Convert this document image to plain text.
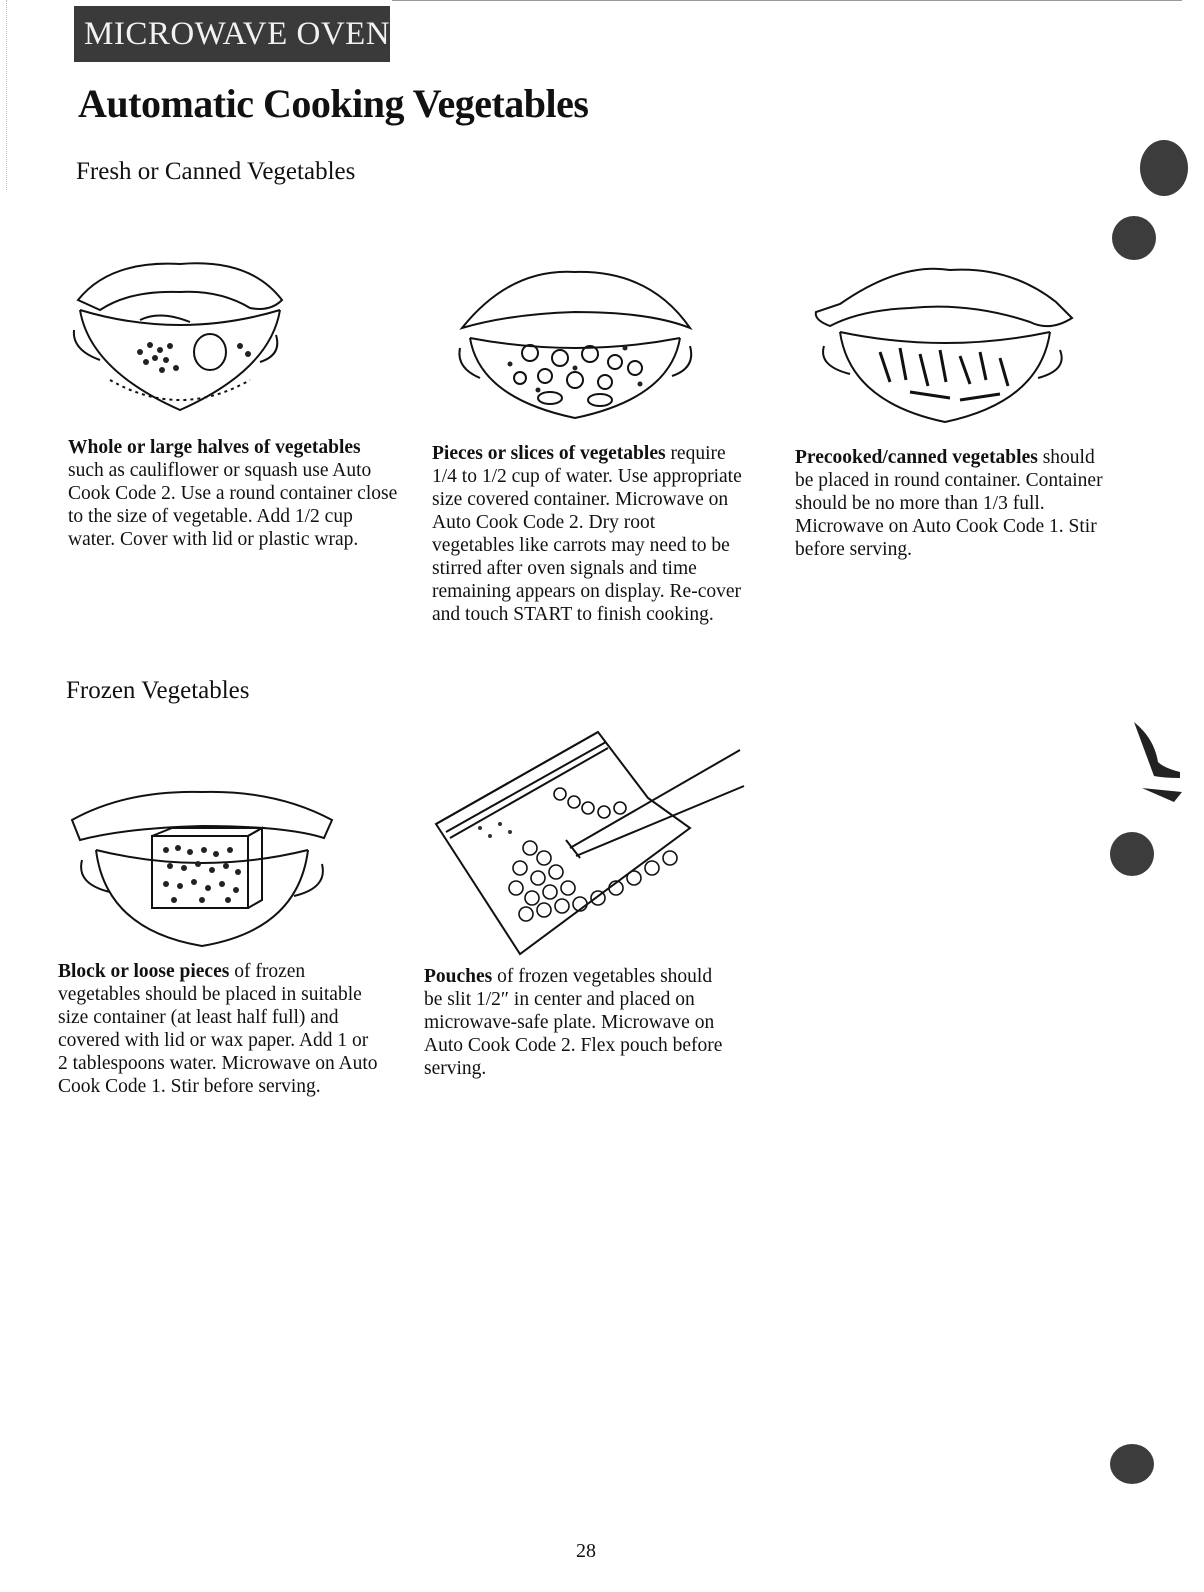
MICROWAVE OVEN
Automatic Cooking Vegetables
Fresh or Canned Vegetables
Whole or large halves of vegetables such as cauliflower or squash use Auto Cook Code 2. Use a round container close to the size of vegetable. Add 1/2 cup water. Cover with lid or plastic wrap.
Pieces or slices of vegetables require 1/4 to 1/2 cup of water. Use appropriate size covered container. Microwave on Auto Cook Code 2. Dry root vegetables like carrots may need to be stirred after oven signals and time remaining appears on display. Re-cover and touch START to finish cooking.
Precooked/canned vegetables should be placed in round container. Container should be no more than 1/3 full. Microwave on Auto Cook Code 1. Stir before serving.
Frozen Vegetables
Block or loose pieces of frozen vegetables should be placed in suitable size container (at least half full) and covered with lid or wax paper. Add 1 or 2 tablespoons water. Microwave on Auto Cook Code 1. Stir before serving.
Pouches of frozen vegetables should be slit 1/2″ in center and placed on microwave-safe plate. Microwave on Auto Cook Code 2. Flex pouch before serving.
28
